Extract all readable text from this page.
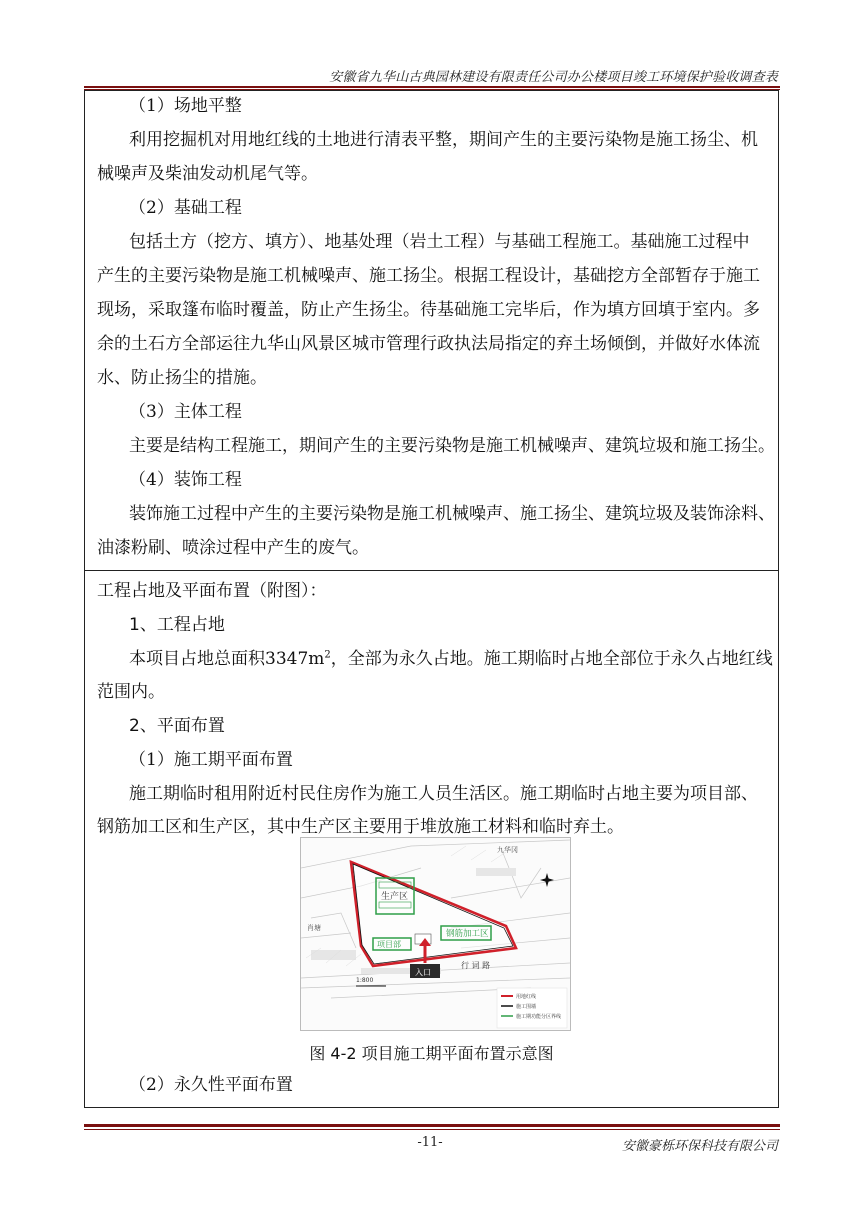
安徽省九华山古典园林建设有限责任公司办公楼项目竣工环境保护验收调查表
（1）场地平整
利用挖掘机对用地红线的土地进行清表平整，期间产生的主要污染物是施工扬尘、机
械噪声及柴油发动机尾气等。
（2）基础工程
包括土方（挖方、填方）、地基处理（岩土工程）与基础工程施工。基础施工过程中
产生的主要污染物是施工机械噪声、施工扬尘。根据工程设计，基础挖方全部暂存于施工
现场，采取篷布临时覆盖，防止产生扬尘。待基础施工完毕后，作为填方回填于室内。多
余的土石方全部运往九华山风景区城市管理行政执法局指定的弃土场倾倒，并做好水体流
水、防止扬尘的措施。
（3）主体工程
主要是结构工程施工，期间产生的主要污染物是施工机械噪声、建筑垃圾和施工扬尘。
（4）装饰工程
装饰施工过程中产生的主要污染物是施工机械噪声、施工扬尘、建筑垃圾及装饰涂料、
油漆粉刷、喷涂过程中产生的废气。
工程占地及平面布置（附图）：
1、工程占地
本项目占地总面积$3347m^2$，全部为永久占地。施工期临时占地全部位于永久占地红线
范围内。
2、平面布置
（1）施工期平面布置
施工期临时租用附近村民住房作为施工人员生活区。施工期临时占地主要为项目部、
钢筋加工区和生产区，其中生产区主要用于堆放施工材料和临时弃土。
九华冈
生产区
钢筋加工区
项目部
肖塘
行 词 路
入口
1:800
用地红线
施工围墙
施工期功能分区界线
图 4-2 项目施工期平面布置示意图
（2）永久性平面布置
-11-	安徽豪栎环保科技有限公司
